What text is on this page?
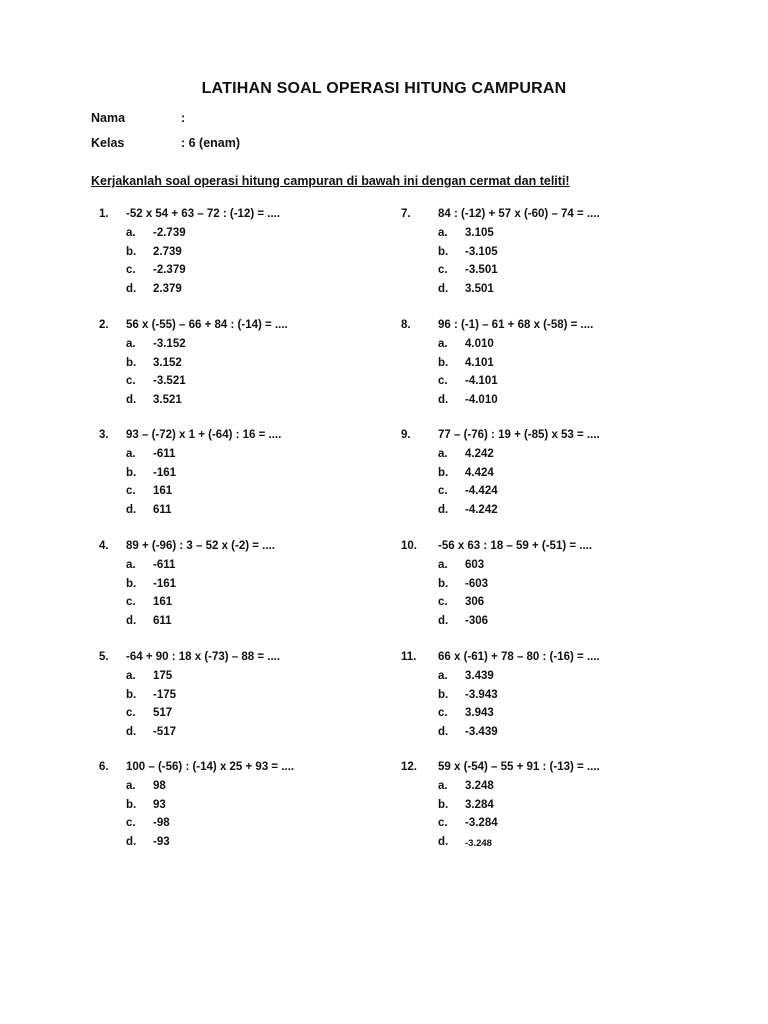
LATIHAN SOAL OPERASI HITUNG CAMPURAN
Nama	:
Kelas	: 6 (enam)
Kerjakanlah soal operasi hitung campuran di bawah ini dengan cermat dan teliti!
1.	-52 x 54 + 63 – 72 : (-12) = ....
a. -2.739
b. 2.739
c. -2.379
d. 2.379
2.	56 x (-55) – 66 + 84 : (-14) = ....
a. -3.152
b. 3.152
c. -3.521
d. 3.521
3.	93 – (-72) x 1 + (-64) : 16 = ....
a. -611
b. -161
c. 161
d. 611
4.	89 + (-96) : 3 – 52 x (-2) = ....
a. -611
b. -161
c. 161
d. 611
5.	-64 + 90 : 18 x (-73) – 88 = ....
a. 175
b. -175
c. 517
d. -517
6.	100 – (-56) : (-14) x 25 + 93 = ....
a. 98
b. 93
c. -98
d. -93
7.	84 : (-12) + 57 x (-60) – 74 = ....
a. 3.105
b. -3.105
c. -3.501
d. 3.501
8.	96 : (-1) – 61 + 68 x (-58) = ....
a. 4.010
b. 4.101
c. -4.101
d. -4.010
9.	77 – (-76) : 19 + (-85) x 53 = ....
a. 4.242
b. 4.424
c. -4.424
d. -4.242
10.	-56 x 63 : 18 – 59 + (-51) = ....
a. 603
b. -603
c. 306
d. -306
11.	66 x (-61) + 78 – 80 : (-16) = ....
a. 3.439
b. -3.943
c. 3.943
d. -3.439
12.	59 x (-54) – 55 + 91 : (-13) = ....
a. 3.248
b. 3.284
c. -3.284
d. -3.248
